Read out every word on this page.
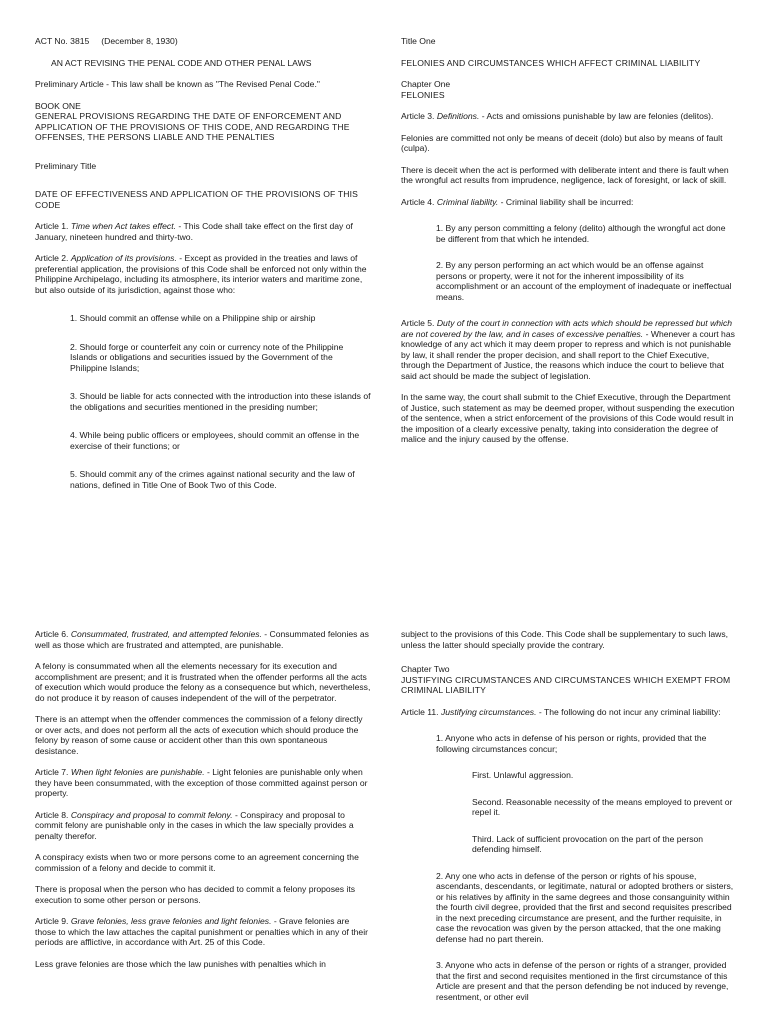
ACT No. 3815 (December 8, 1930)

AN ACT REVISING THE PENAL CODE AND OTHER PENAL LAWS

Preliminary Article - This law shall be known as "The Revised Penal Code."

BOOK ONE

GENERAL PROVISIONS REGARDING THE DATE OF ENFORCEMENT AND APPLICATION OF THE PROVISIONS OF THIS CODE, AND REGARDING THE OFFENSES, THE PERSONS LIABLE AND THE PENALTIES

Preliminary Title

DATE OF EFFECTIVENESS AND APPLICATION OF THE PROVISIONS OF THIS CODE

Article 1. Time when Act takes effect. - This Code shall take effect on the first day of January, nineteen hundred and thirty-two.

Article 2. Application of its provisions. - Except as provided in the treaties and laws of preferential application, the provisions of this Code shall be enforced not only within the Philippine Archipelago, including its atmosphere, its interior waters and maritime zone, but also outside of its jurisdiction, against those who:

1. Should commit an offense while on a Philippine ship or airship

2. Should forge or counterfeit any coin or currency note of the Philippine Islands or obligations and securities issued by the Government of the Philippine Islands;

3. Should be liable for acts connected with the introduction into these islands of the obligations and securities mentioned in the presiding number;

4. While being public officers or employees, should commit an offense in the exercise of their functions; or

5. Should commit any of the crimes against national security and the law of nations, defined in Title One of Book Two of this Code.

Title One

FELONIES AND CIRCUMSTANCES WHICH AFFECT CRIMINAL LIABILITY

Chapter One

FELONIES

Article 3. Definitions. - Acts and omissions punishable by law are felonies (delitos).

Felonies are committed not only be means of deceit (dolo) but also by means of fault (culpa).

There is deceit when the act is performed with deliberate intent and there is fault when the wrongful act results from imprudence, negligence, lack of foresight, or lack of skill.

Article 4. Criminal liability. - Criminal liability shall be incurred:

1. By any person committing a felony (delito) although the wrongful act done be different from that which he intended.

2. By any person performing an act which would be an offense against persons or property, were it not for the inherent impossibility of its accomplishment or an account of the employment of inadequate or ineffectual means.

Article 5. Duty of the court in connection with acts which should be repressed but which are not covered by the law, and in cases of excessive penalties. - Whenever a court has knowledge of any act which it may deem proper to repress and which is not punishable by law, it shall render the proper decision, and shall report to the Chief Executive, through the Department of Justice, the reasons which induce the court to believe that said act should be made the subject of legislation.

In the same way, the court shall submit to the Chief Executive, through the Department of Justice, such statement as may be deemed proper, without suspending the execution of the sentence, when a strict enforcement of the provisions of this Code would result in the imposition of a clearly excessive penalty, taking into consideration the degree of malice and the injury caused by the offense.

Article 6. Consummated, frustrated, and attempted felonies. - Consummated felonies as well as those which are frustrated and attempted, are punishable.

A felony is consummated when all the elements necessary for its execution and accomplishment are present; and it is frustrated when the offender performs all the acts of execution which would produce the felony as a consequence but which, nevertheless, do not produce it by reason of causes independent of the will of the perpetrator.

There is an attempt when the offender commences the commission of a felony directly or over acts, and does not perform all the acts of execution which should produce the felony by reason of some cause or accident other than this own spontaneous desistance.

Article 7. When light felonies are punishable. - Light felonies are punishable only when they have been consummated, with the exception of those committed against person or property.

Article 8. Conspiracy and proposal to commit felony. - Conspiracy and proposal to commit felony are punishable only in the cases in which the law specially provides a penalty therefor.

A conspiracy exists when two or more persons come to an agreement concerning the commission of a felony and decide to commit it.

There is proposal when the person who has decided to commit a felony proposes its execution to some other person or persons.

Article 9. Grave felonies, less grave felonies and light felonies. - Grave felonies are those to which the law attaches the capital punishment or penalties which in any of their periods are afflictive, in accordance with Art. 25 of this Code.

Less grave felonies are those which the law punishes with penalties which in

subject to the provisions of this Code. This Code shall be supplementary to such laws, unless the latter should specially provide the contrary.

Chapter Two

JUSTIFYING CIRCUMSTANCES AND CIRCUMSTANCES WHICH EXEMPT FROM CRIMINAL LIABILITY

Article 11. Justifying circumstances. - The following do not incur any criminal liability:

1. Anyone who acts in defense of his person or rights, provided that the following circumstances concur;

First. Unlawful aggression.

Second. Reasonable necessity of the means employed to prevent or repel it.

Third. Lack of sufficient provocation on the part of the person defending himself.

2. Any one who acts in defense of the person or rights of his spouse, ascendants, descendants, or legitimate, natural or adopted brothers or sisters, or his relatives by affinity in the same degrees and those consanguinity within the fourth civil degree, provided that the first and second requisites prescribed in the next preceding circumstance are present, and the further requisite, in case the revocation was given by the person attacked, that the one making defense had no part therein.

3. Anyone who acts in defense of the person or rights of a stranger, provided that the first and second requisites mentioned in the first circumstance of this Article are present and that the person defending be not induced by revenge, resentment, or other evil
